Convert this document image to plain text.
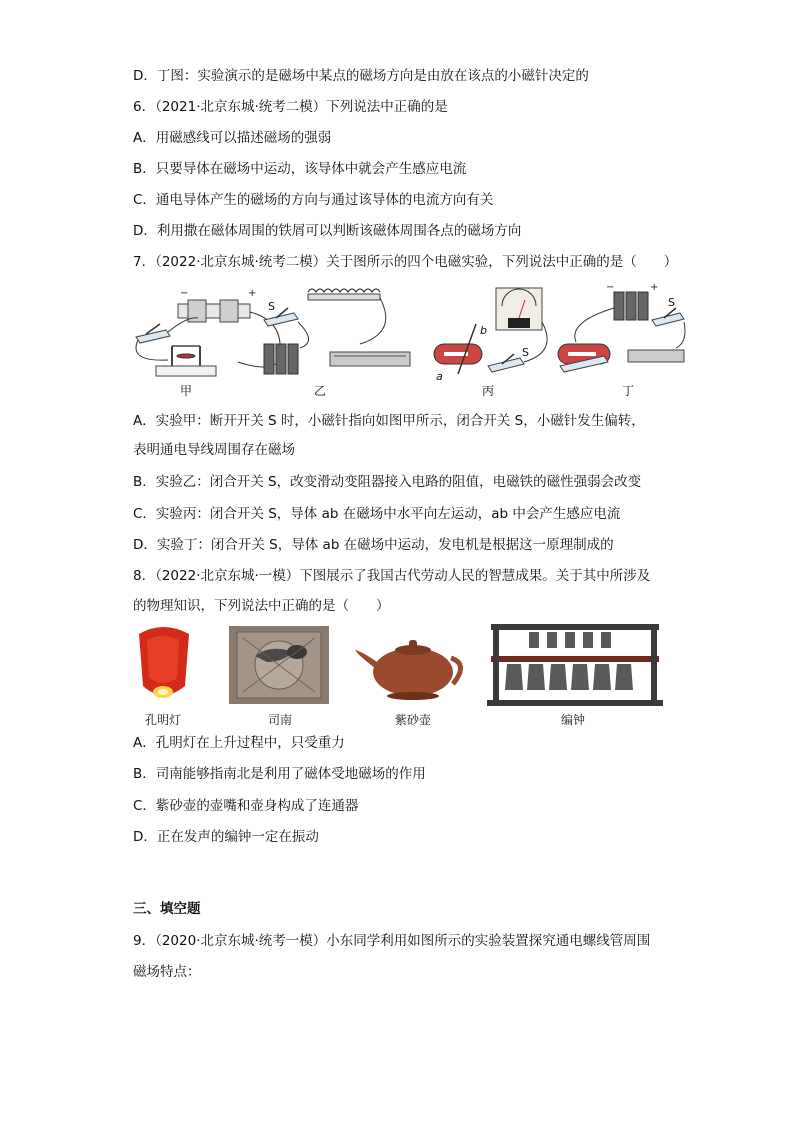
D．丁图：实验演示的是磁场中某点的磁场方向是由放在该点的小磁针决定的
6．（2021·北京东城·统考二模）下列说法中正确的是
A．用磁感线可以描述磁场的强弱
B．只要导体在磁场中运动，该导体中就会产生感应电流
C．通电导体产生的磁场的方向与通过该导体的电流方向有关
D．利用撒在磁体周围的铁屑可以判断该磁体周围各点的磁场方向
7．（2022·北京东城·统考二模）关于图所示的四个电磁实验，下列说法中正确的是（　　）
−	+
甲
S
乙
b
a
S
丙
−	+
S
丁
A．实验甲：断开开关 S 时，小磁针指向如图甲所示，闭合开关 S，小磁针发生偏转，
表明通电导线周围存在磁场
B．实验乙：闭合开关 S，改变滑动变阻器接入电路的阻值，电磁铁的磁性强弱会改变
C．实验丙：闭合开关 S，导体 ab 在磁场中水平向左运动，ab 中会产生感应电流
D．实验丁：闭合开关 S，导体 ab 在磁场中运动，发电机是根据这一原理制成的
8．（2022·北京东城·一模）下图展示了我国古代劳动人民的智慧成果。关于其中所涉及
的物理知识，下列说法中正确的是（　　）
孔明灯	司南	紫砂壶	编钟
A．孔明灯在上升过程中，只受重力
B．司南能够指南北是利用了磁体受地磁场的作用
C．紫砂壶的壶嘴和壶身构成了连通器
D．正在发声的编钟一定在振动
三、填空题
9．（2020·北京东城·统考一模）小东同学利用如图所示的实验装置探究通电螺线管周围
磁场特点：
